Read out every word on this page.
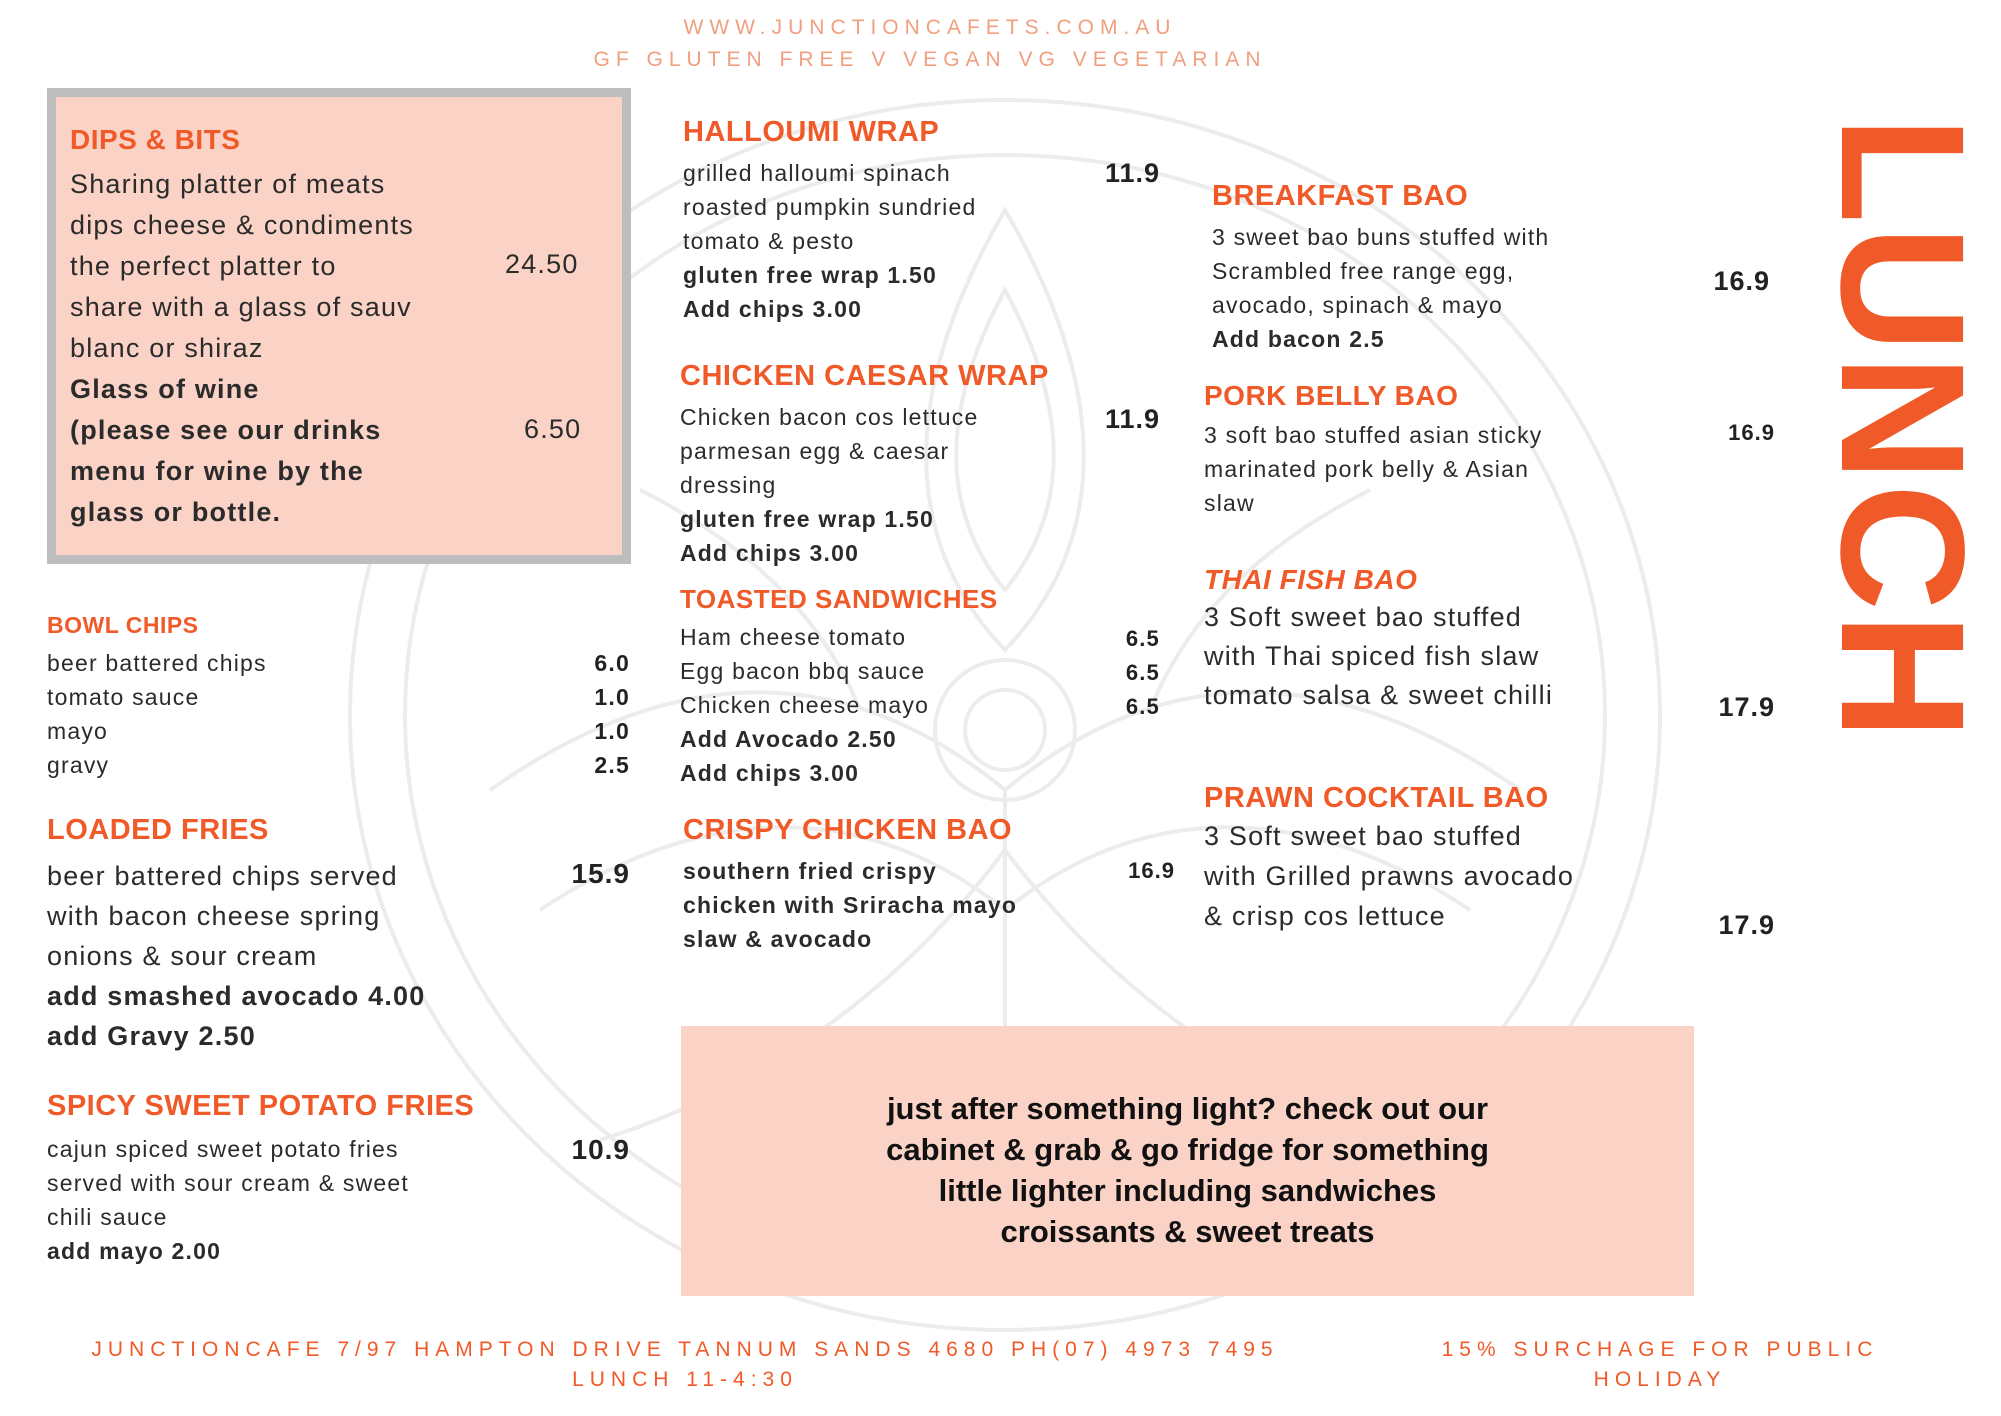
WWW.JUNCTIONCAFETS.COM.AU
GF GLUTEN FREE V VEGAN VG VEGETARIAN
DIPS & BITS
Sharing platter of meats
dips cheese & condiments
the perfect platter to
share with a glass of sauv
blanc or shiraz
24.50
Glass of wine
(please see our drinks
menu for wine by the
glass or bottle.
6.50
BOWL CHIPS
beer battered chips
tomato sauce
mayo
gravy
6.0
1.0
1.0
2.5
LOADED FRIES
beer battered chips served
with bacon cheese spring
onions & sour cream
add smashed avocado 4.00
add Gravy 2.50
15.9
SPICY SWEET POTATO FRIES
cajun spiced sweet potato fries
served with sour cream & sweet
chili sauce
add mayo 2.00
10.9
HALLOUMI WRAP
grilled halloumi spinach
roasted pumpkin sundried
tomato & pesto
gluten free wrap 1.50
Add chips 3.00
11.9
CHICKEN CAESAR WRAP
Chicken bacon cos lettuce
parmesan egg & caesar
dressing
gluten free wrap 1.50
Add chips 3.00
11.9
TOASTED SANDWICHES
Ham cheese tomato
Egg bacon bbq sauce
Chicken cheese mayo
Add Avocado 2.50
Add chips 3.00
6.5
6.5
6.5
CRISPY CHICKEN BAO
southern fried crispy
chicken with Sriracha mayo
slaw & avocado
16.9
BREAKFAST BAO
3 sweet bao buns stuffed with
Scrambled free range egg,
avocado, spinach & mayo
Add bacon 2.5
16.9
PORK BELLY BAO
3 soft bao stuffed asian sticky
marinated pork belly & Asian
slaw
16.9
THAI FISH BAO
3 Soft sweet bao stuffed
with Thai spiced fish slaw
tomato salsa & sweet chilli	17.9
PRAWN COCKTAIL BAO
3 Soft sweet bao stuffed
with Grilled prawns avocado
& crisp cos lettuce	17.9
LUNCH
just after something light? check out our
cabinet & grab & go fridge for something
little lighter including sandwiches
croissants & sweet treats
JUNCTIONCAFE 7/97 HAMPTON DRIVE TANNUM SANDS 4680 PH(07) 4973 7495
LUNCH 11-4:30
15% SURCHAGE FOR PUBLIC
HOLIDAY
